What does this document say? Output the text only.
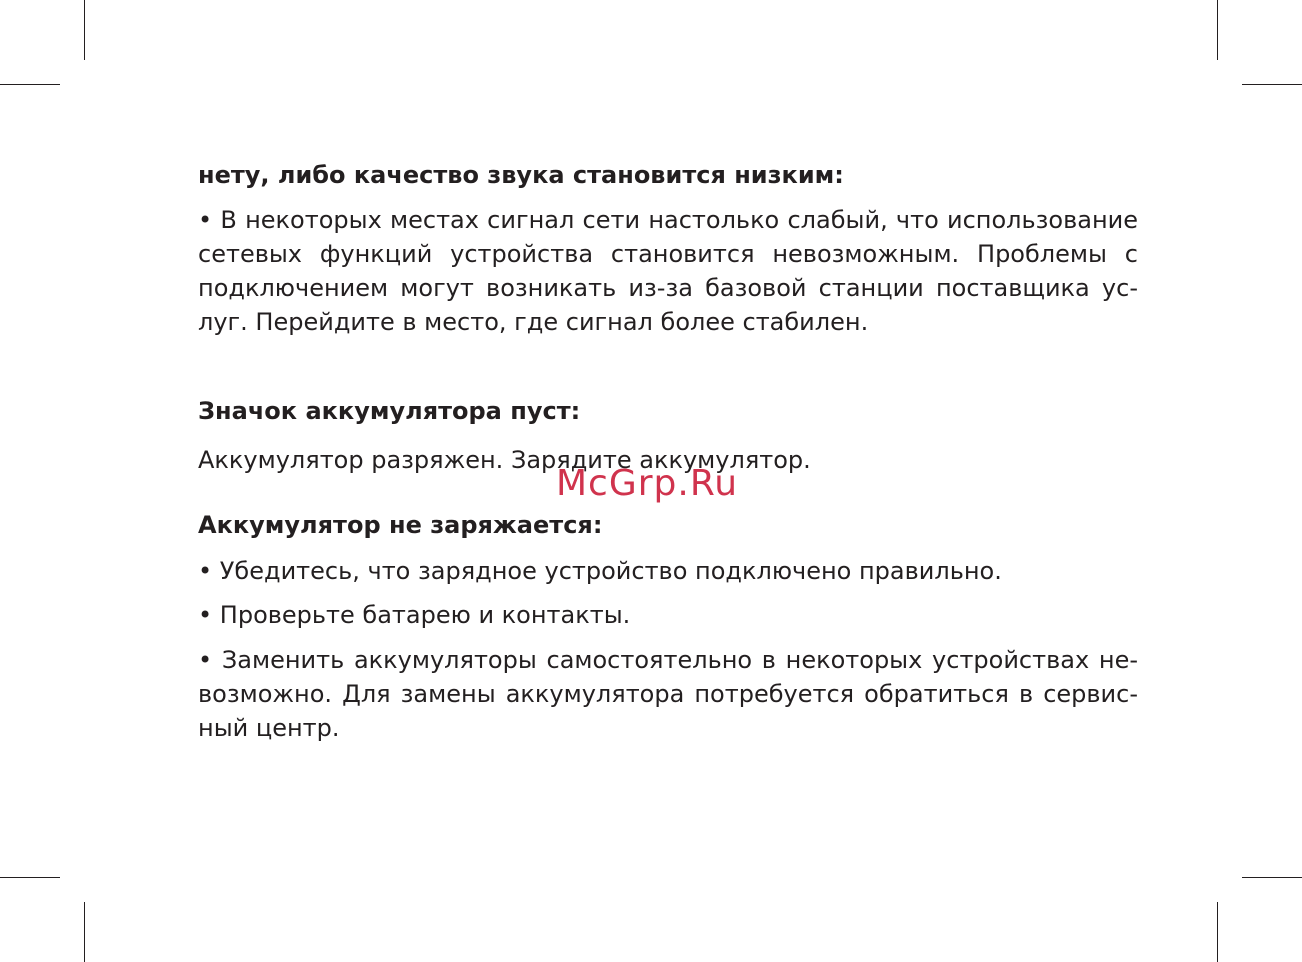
нету, либо качество звука становится низким:
• В некоторых местах сигнал сети настолько слабый, что использование
сетевых функций устройства становится невозможным. Проблемы с
подключением могут возникать из-за базовой станции поставщика ус-
луг. Перейдите в место, где сигнал более стабилен.
Значок аккумулятора пуст:
Аккумулятор разряжен. Зарядите аккумулятор.
Аккумулятор не заряжается:
• Убедитесь, что зарядное устройство подключено правильно.
• Проверьте батарею и контакты.
• Заменить аккумуляторы самостоятельно в некоторых устройствах не-
возможно. Для замены аккумулятора потребуется обратиться в сервис-
ный центр.
McGrp.Ru
